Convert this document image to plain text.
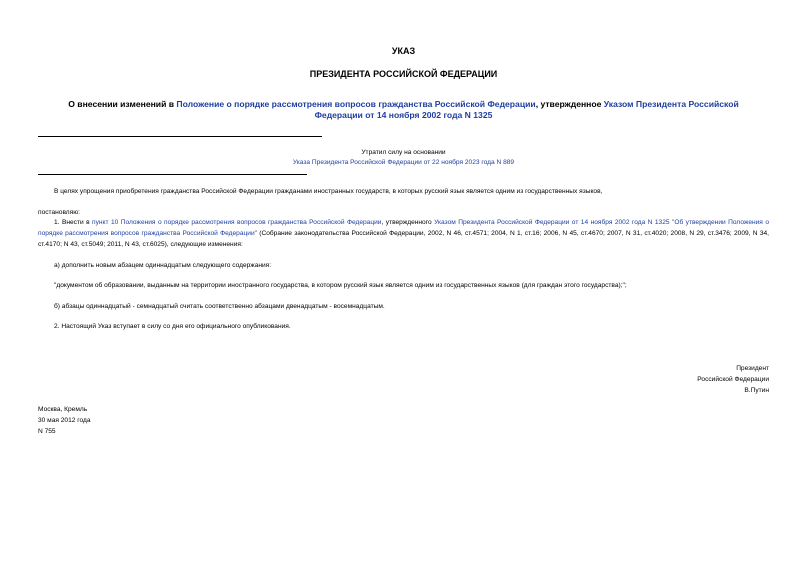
УКАЗ
ПРЕЗИДЕНТА РОССИЙСКОЙ ФЕДЕРАЦИИ
О внесении изменений в Положение о порядке рассмотрения вопросов гражданства Российской Федерации, утвержденное Указом Президента Российской Федерации от 14 ноября 2002 года N 1325
Утратил силу на основании
Указа Президента Российской Федерации от 22 ноября 2023 года N 889
В целях упрощения приобретения гражданства Российской Федерации гражданами иностранных государств, в которых русский язык является одним из государственных языков,
постановляю:
1. Внести в пункт 10 Положения о порядке рассмотрения вопросов гражданства Российской Федерации, утвержденного Указом Президента Российской Федерации от 14 ноября 2002 года N 1325 "Об утверждении Положения о порядке рассмотрения вопросов гражданства Российской Федерации" (Собрание законодательства Российской Федерации, 2002, N 46, ст.4571; 2004, N 1, ст.16; 2006, N 45, ст.4670; 2007, N 31, ст.4020; 2008, N 29, ст.3476; 2009, N 34, ст.4170; N 43, ст.5049; 2011, N 43, ст.6025), следующие изменения:
а) дополнить новым абзацем одиннадцатым следующего содержания:
"документом об образовании, выданным на территории иностранного государства, в котором русский язык является одним из государственных языков (для граждан этого государства);";
б) абзацы одиннадцатый - семнадцатый считать соответственно абзацами двенадцатым - восемнадцатым.
2. Настоящий Указ вступает в силу со дня его официального опубликования.
Президент
Российской Федерации
В.Путин
Москва, Кремль
30 мая 2012 года
N 755
